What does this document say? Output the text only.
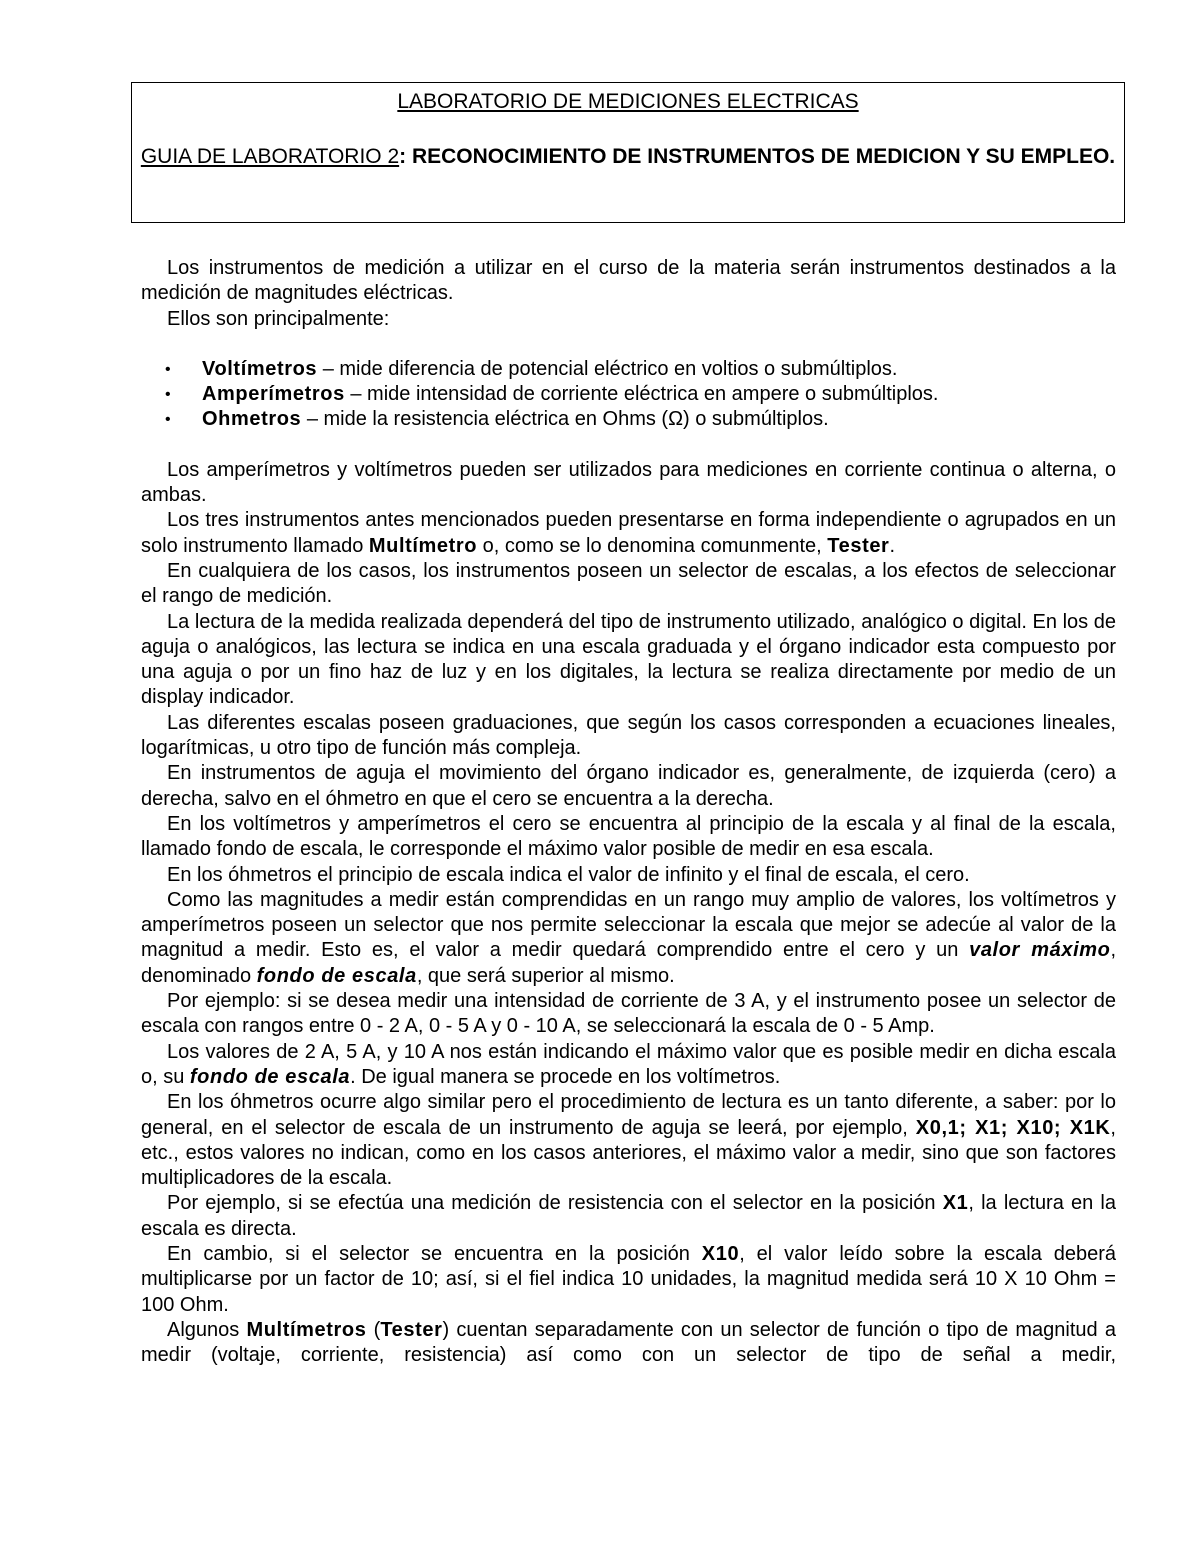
LABORATORIO DE MEDICIONES ELECTRICAS
GUIA DE LABORATORIO 2: RECONOCIMIENTO DE INSTRUMENTOS DE MEDICION Y SU EMPLEO.

Los instrumentos de medición a utilizar en el curso de la materia serán instrumentos destinados a la medición de magnitudes eléctricas.

Ellos son principalmente:

• Voltímetros – mide diferencia de potencial eléctrico en voltios o submúltiplos.
• Amperímetros – mide intensidad de corriente eléctrica en ampere o submúltiplos.
• Ohmetros – mide la resistencia eléctrica en Ohms (Ω) o submúltiplos.

Los amperímetros y voltímetros pueden ser utilizados para mediciones en corriente continua o alterna, o ambas.

Los tres instrumentos antes mencionados pueden presentarse en forma independiente o agrupados en un solo instrumento llamado Multímetro o, como se lo denomina comunmente, Tester.

En cualquiera de los casos, los instrumentos poseen un selector de escalas, a los efectos de seleccionar el rango de medición.

La lectura de la medida realizada dependerá del tipo de instrumento utilizado, analógico o digital. En los de aguja o analógicos, las lectura se indica en una escala graduada y el órgano indicador esta compuesto por una aguja o por un fino haz de luz y en los digitales, la lectura se realiza directamente por medio de un display indicador.

Las diferentes escalas poseen graduaciones, que según los casos corresponden a ecuaciones lineales, logarítmicas, u otro tipo de función más compleja.

En instrumentos de aguja el movimiento del órgano indicador es, generalmente, de izquierda (cero) a derecha, salvo en el óhmetro en que el cero se encuentra a la derecha.

En los voltímetros y amperímetros el cero se encuentra al principio de la escala y al final de la escala, llamado fondo de escala, le corresponde el máximo valor posible de medir en esa escala.

En los óhmetros el principio de escala indica el valor de infinito y el final de escala, el cero.

Como las magnitudes a medir están comprendidas en un rango muy amplio de valores, los voltímetros y amperímetros poseen un selector que nos permite seleccionar la escala que mejor se adecúe al valor de la magnitud a medir. Esto es, el valor a medir quedará comprendido entre el cero y un valor máximo, denominado fondo de escala, que será superior al mismo.

Por ejemplo: si se desea medir una intensidad de corriente de 3 A, y el instrumento posee un selector de escala con rangos entre 0 - 2 A, 0 - 5 A y 0 - 10 A, se seleccionará la escala de 0 - 5 Amp.

Los valores de 2 A, 5 A, y 10 A nos están indicando el máximo valor que es posible medir en dicha escala o, su fondo de escala. De igual manera se procede en los voltímetros.

En los óhmetros ocurre algo similar pero el procedimiento de lectura es un tanto diferente, a saber: por lo general, en el selector de escala de un instrumento de aguja se leerá, por ejemplo, X0,1; X1; X10; X1K, etc., estos valores no indican, como en los casos anteriores, el máximo valor a medir, sino que son factores multiplicadores de la escala.

Por ejemplo, si se efectúa una medición de resistencia con el selector en la posición X1, la lectura en la escala es directa.

En cambio, si el selector se encuentra en la posición X10, el valor leído sobre la escala deberá multiplicarse por un factor de 10; así, si el fiel indica 10 unidades, la magnitud medida será 10 X 10 Ohm = 100 Ohm.

Algunos Multímetros (Tester) cuentan separadamente con un selector de función o tipo de magnitud a medir (voltaje, corriente, resistencia) así como con un selector de tipo de señal a medir,
